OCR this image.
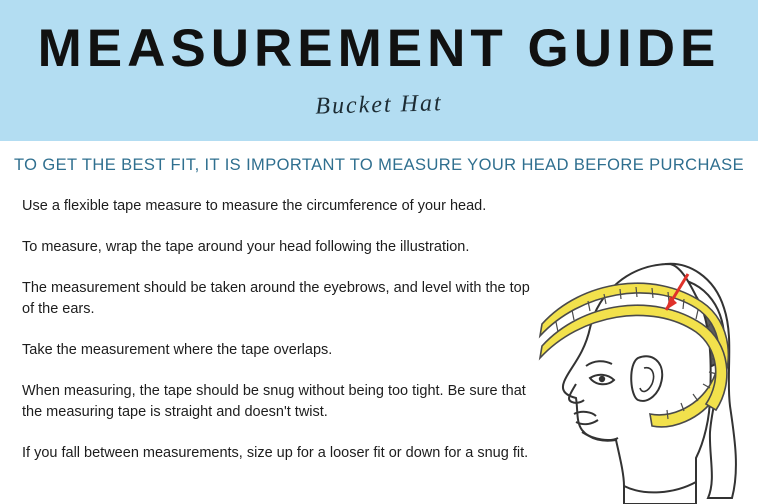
MEASUREMENT GUIDE
Bucket Hat
TO GET THE BEST FIT, IT IS IMPORTANT TO MEASURE YOUR HEAD BEFORE PURCHASE
Use a flexible tape measure to measure the circumference of your head.
To measure, wrap the tape around your head following the illustration.
The measurement should be taken around the eyebrows, and level with the top of the ears.
Take the measurement where the tape overlaps.
When measuring, the tape should be snug without being too tight. Be sure that the measuring tape is straight and doesn't twist.
If you fall between measurements, size up for a looser fit or down for a snug fit.
